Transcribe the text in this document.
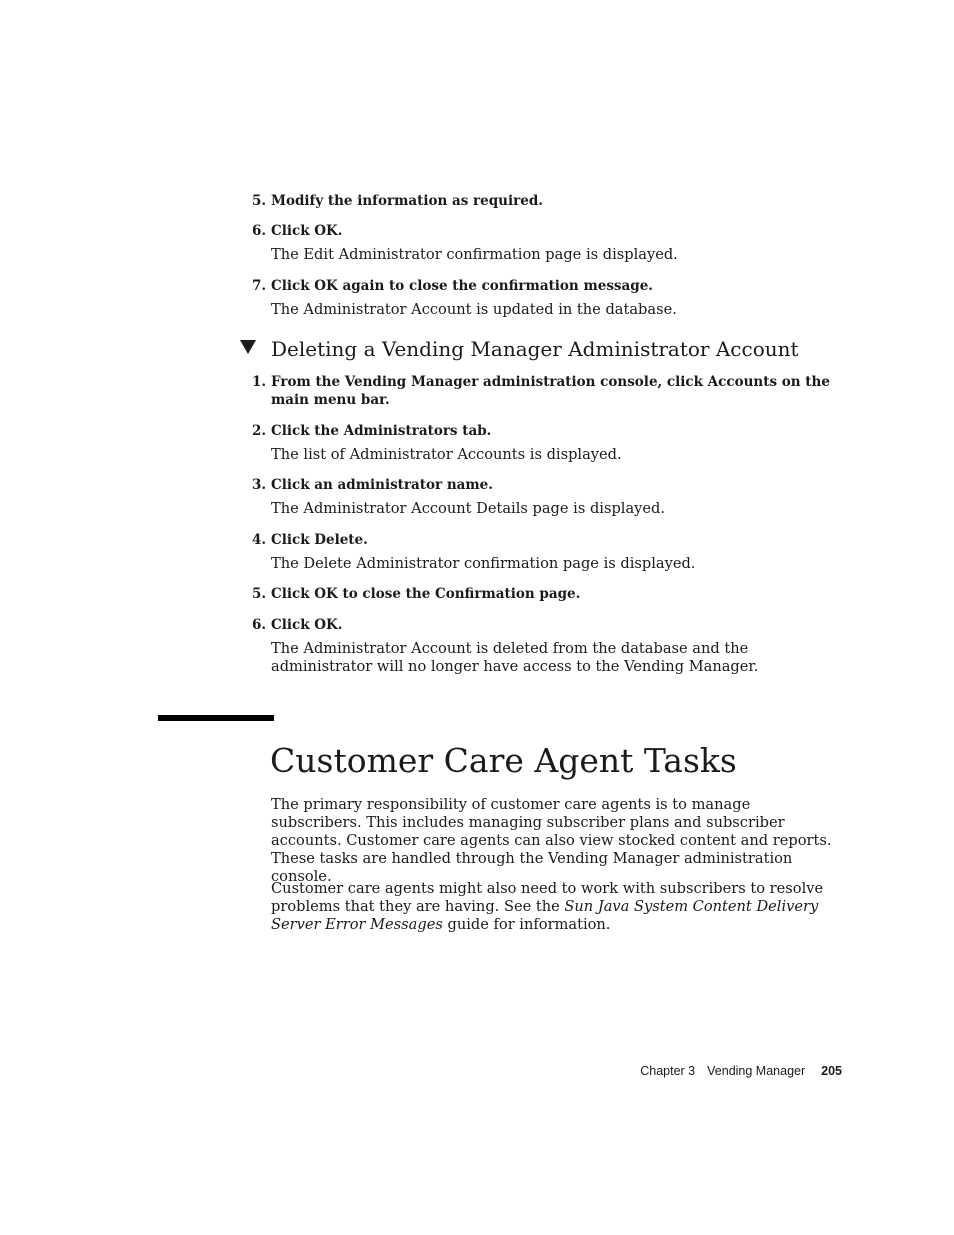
5. Modify the information as required.
6. Click OK.
The Edit Administrator confirmation page is displayed.
7. Click OK again to close the confirmation message.
The Administrator Account is updated in the database.
Deleting a Vending Manager Administrator Account
1. From the Vending Manager administration console, click Accounts on the main menu bar.
2. Click the Administrators tab.
The list of Administrator Accounts is displayed.
3. Click an administrator name.
The Administrator Account Details page is displayed.
4. Click Delete.
The Delete Administrator confirmation page is displayed.
5. Click OK to close the Confirmation page.
6. Click OK.
The Administrator Account is deleted from the database and the administrator will no longer have access to the Vending Manager.
Customer Care Agent Tasks
The primary responsibility of customer care agents is to manage subscribers. This includes managing subscriber plans and subscriber accounts. Customer care agents can also view stocked content and reports. These tasks are handled through the Vending Manager administration console.
Customer care agents might also need to work with subscribers to resolve problems that they are having. See the Sun Java System Content Delivery Server Error Messages guide for information.
Chapter 3 Vending Manager 205
